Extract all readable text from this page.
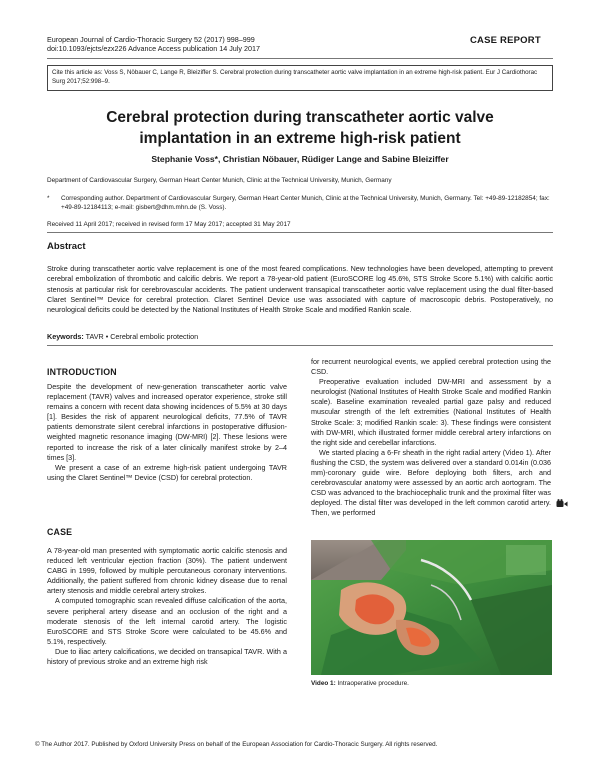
European Journal of Cardio-Thoracic Surgery 52 (2017) 998–999
doi:10.1093/ejcts/ezx226 Advance Access publication 14 July 2017
CASE REPORT
Cite this article as: Voss S, Nöbauer C, Lange R, Bleiziffer S. Cerebral protection during transcatheter aortic valve implantation in an extreme high-risk patient. Eur J Cardiothorac Surg 2017;52:998–9.
Cerebral protection during transcatheter aortic valve
implantation in an extreme high-risk patient
Stephanie Voss*, Christian Nöbauer, Rüdiger Lange and Sabine Bleiziffer
Department of Cardiovascular Surgery, German Heart Center Munich, Clinic at the Technical University, Munich, Germany
*	Corresponding author. Department of Cardiovascular Surgery, German Heart Center Munich, Clinic at the Technical University, Munich, Germany. Tel: +49-89-12182854; fax: +49-89-12184113; e-mail: gisbert@dhm.mhn.de (S. Voss).
Received 11 April 2017; received in revised form 17 May 2017; accepted 31 May 2017
Abstract
Stroke during transcatheter aortic valve replacement is one of the most feared complications. New technologies have been developed, attempting to prevent cerebral embolization of thrombotic and calcific debris. We report a 78-year-old patient (EuroSCORE log 45.6%, STS Stroke Score 5.1%) with calcific aortic stenosis at particular risk for cerebrovascular accidents. The patient underwent transapical transcatheter aortic valve replacement using the dual filter-based Claret Sentinel™ Device for cerebral protection. Claret Sentinel Device use was associated with capture of macroscopic debris. Postoperatively, no neurological deficits could be detected by the National Institutes of Health Stroke Scale and modified Rankin scale.
Keywords: TAVR • Cerebral embolic protection
INTRODUCTION

Despite the development of new-generation transcatheter aortic valve replacement (TAVR) valves and increased operator experience, stroke still remains a concern with recent data showing incidences of 5.5% at 30 days [1]. Besides the risk of apparent neurological deficits, 77.5% of TAVR patients demonstrate silent cerebral infarctions in postoperative diffusion-weighted magnetic resonance imaging (DW-MRI) [2]. These lesions were reported to increase the risk of a later clinically manifest stroke by 2–4 times [3].

We present a case of an extreme high-risk patient undergoing TAVR using the Claret Sentinel™ Device (CSD) for cerebral protection.

CASE

A 78-year-old man presented with symptomatic aortic calcific stenosis and reduced left ventricular ejection fraction (30%). The patient underwent CABG in 1999, followed by multiple percutaneous coronary interventions. Additionally, the patient suffered from chronic kidney disease due to renal artery stenosis and middle cerebral artery strokes.

A computed tomographic scan revealed diffuse calcification of the aorta, severe peripheral artery disease and an occlusion of the right and a moderate stenosis of the left internal carotid artery. The logistic EuroSCORE and STS Stroke Score were calculated to be 45.6% and 5.1%, respectively.

Due to iliac artery calcifications, we decided on transapical TAVR. With a history of previous stroke and an extreme high risk

for recurrent neurological events, we applied cerebral protection using the CSD.

Preoperative evaluation included DW-MRI and assessment by a neurologist (National Institutes of Health Stroke Scale and modified Rankin scale). Baseline examination revealed partial gaze palsy and reduced muscular strength of the left extremities (National Institutes of Health Stroke Scale: 3; modified Rankin scale: 3). These findings were consistent with DW-MRI, which illustrated former middle cerebral artery infarctions on the right side and cerebellar infarctions.

We started placing a 6-Fr sheath in the right radial artery (Video 1). After flushing the CSD, the system was delivered over a standard 0.014in (0.036 mm)-coronary guide wire. Before deploying both filters, arch and cerebrovascular anatomy were assessed by an aortic arch aortogram. The CSD was advanced to the brachiocephalic trunk and the proximal filter was deployed. The distal filter was developed in the left common carotid artery. Then, we performed

Video 1: Intraoperative procedure.
© The Author 2017. Published by Oxford University Press on behalf of the European Association for Cardio-Thoracic Surgery. All rights reserved.
